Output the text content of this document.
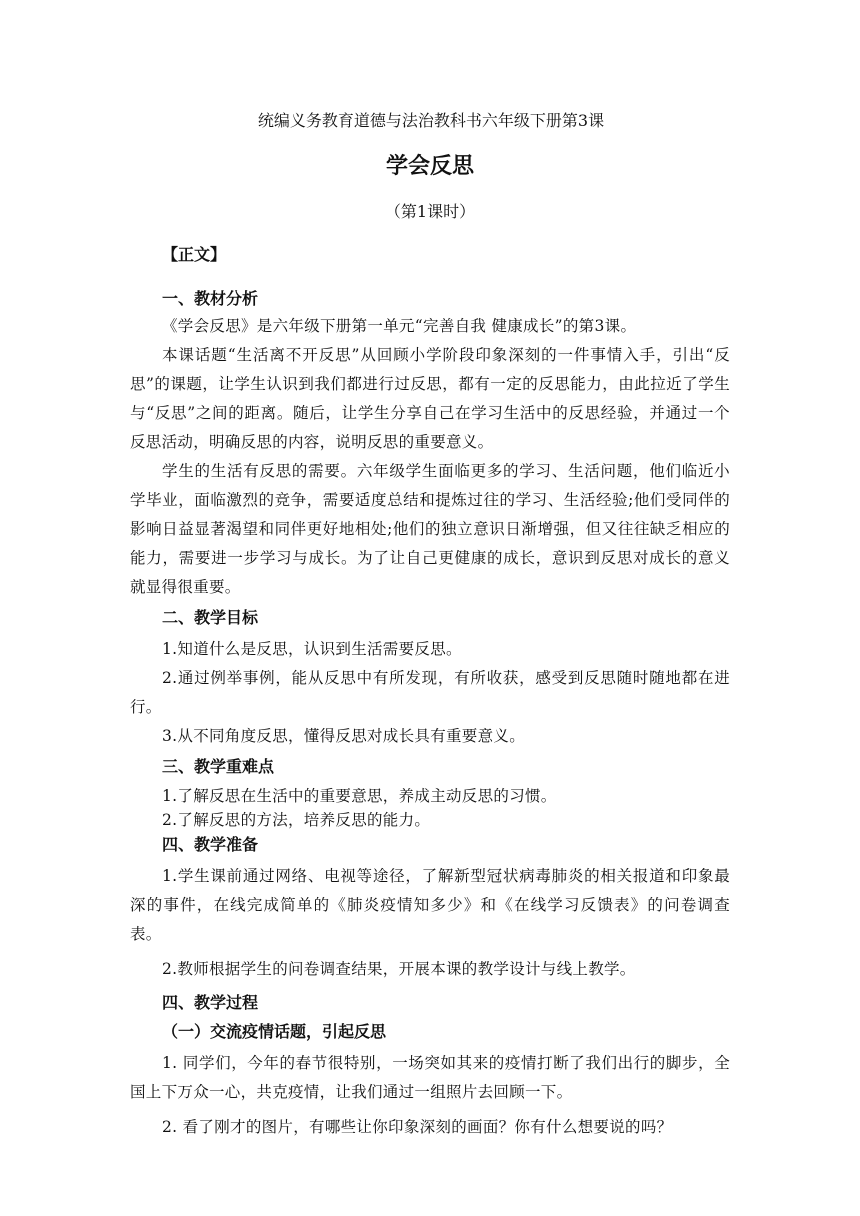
统编义务教育道德与法治教科书六年级下册第3课
学会反思
（第1课时）
【正文】
一、教材分析

《学会反思》是六年级下册第一单元“完善自我 健康成长”的第3课。

本课话题“生活离不开反思”从回顾小学阶段印象深刻的一件事情入手，引出“反思”的课题，让学生认识到我们都进行过反思，都有一定的反思能力，由此拉近了学生与“反思”之间的距离。随后，让学生分享自己在学习生活中的反思经验，并通过一个反思活动，明确反思的内容，说明反思的重要意义。

学生的生活有反思的需要。六年级学生面临更多的学习、生活问题，他们临近小学毕业，面临激烈的竞争，需要适度总结和提炼过往的学习、生活经验;他们受同伴的影响日益显著渴望和同伴更好地相处;他们的独立意识日渐增强，但又往往缺乏相应的能力，需要进一步学习与成长。为了让自己更健康的成长，意识到反思对成长的意义就显得很重要。

二、教学目标

1.知道什么是反思，认识到生活需要反思。

2.通过例举事例，能从反思中有所发现，有所收获，感受到反思随时随地都在进行。

3.从不同角度反思，懂得反思对成长具有重要意义。

三、教学重难点

1.了解反思在生活中的重要意思，养成主动反思的习惯。

2.了解反思的方法，培养反思的能力。

四、教学准备

1.学生课前通过网络、电视等途径，了解新型冠状病毒肺炎的相关报道和印象最深的事件，在线完成简单的《肺炎疫情知多少》和《在线学习反馈表》的问卷调查表。

2.教师根据学生的问卷调查结果，开展本课的教学设计与线上教学。

四、教学过程
（一）交流疫情话题，引起反思

1. 同学们，今年的春节很特别，一场突如其来的疫情打断了我们出行的脚步，全国上下万众一心，共克疫情，让我们通过一组照片去回顾一下。

2. 看了刚才的图片，有哪些让你印象深刻的画面？你有什么想要说的吗？
